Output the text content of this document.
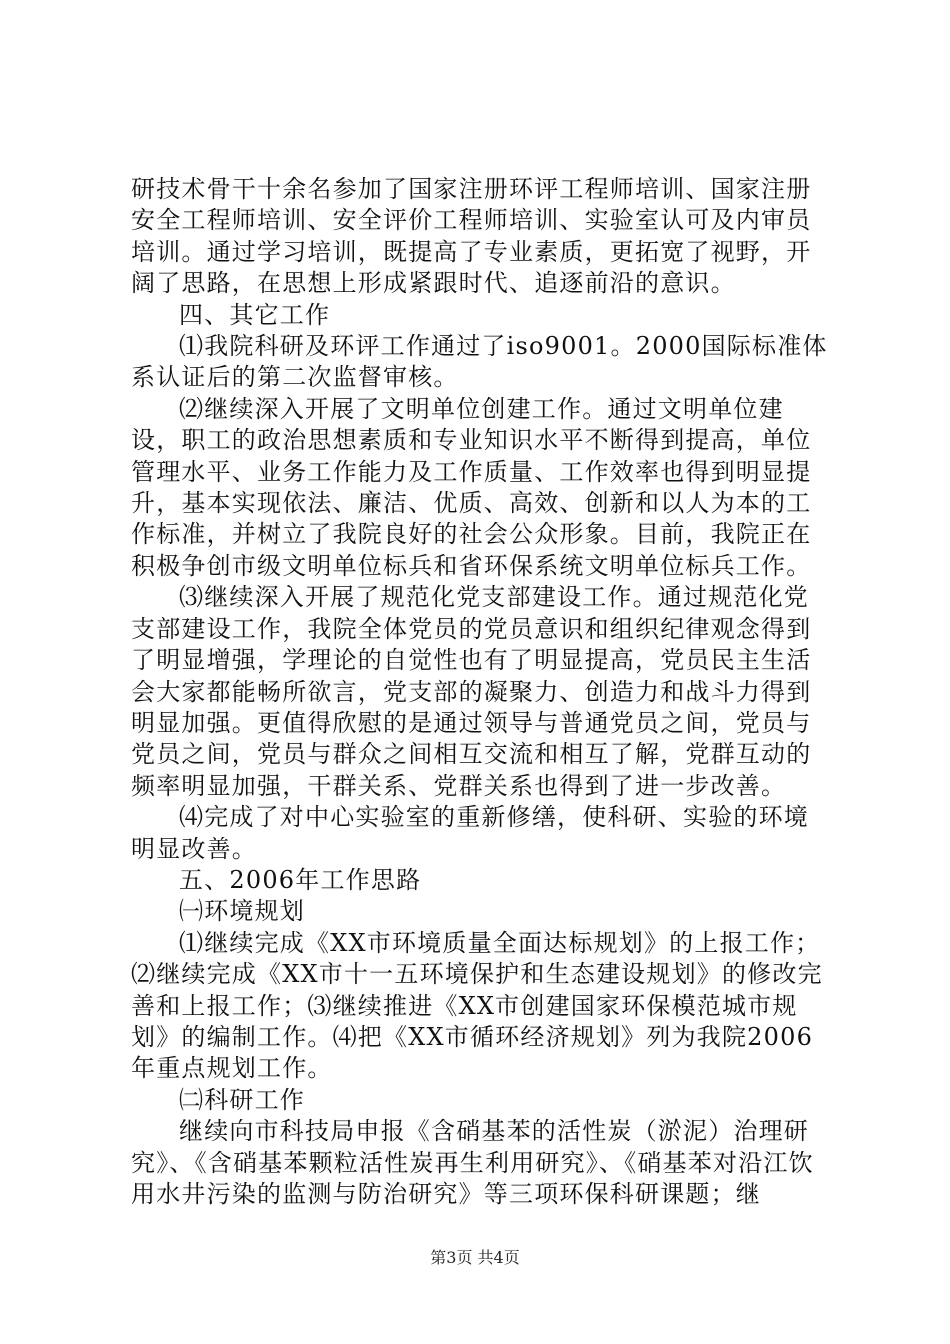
研技术骨干十余名参加了国家注册环评工程师培训、国家注册安全工程师培训、安全评价工程师培训、实验室认可及内审员培训。通过学习培训，既提高了专业素质，更拓宽了视野，开阔了思路，在思想上形成紧跟时代、追逐前沿的意识。

四、其它工作

⑴我院科研及环评工作通过了iso9001。2000国际标准体系认证后的第二次监督审核。

⑵继续深入开展了文明单位创建工作。通过文明单位建设，职工的政治思想素质和专业知识水平不断得到提高，单位管理水平、业务工作能力及工作质量、工作效率也得到明显提升，基本实现依法、廉洁、优质、高效、创新和以人为本的工作标准，并树立了我院良好的社会公众形象。目前，我院正在积极争创市级文明单位标兵和省环保系统文明单位标兵工作。

⑶继续深入开展了规范化党支部建设工作。通过规范化党支部建设工作，我院全体党员的党员意识和组织纪律观念得到了明显增强，学理论的自觉性也有了明显提高，党员民主生活会大家都能畅所欲言，党支部的凝聚力、创造力和战斗力得到明显加强。更值得欣慰的是通过领导与普通党员之间，党员与党员之间，党员与群众之间相互交流和相互了解，党群互动的频率明显加强，干群关系、党群关系也得到了进一步改善。

⑷完成了对中心实验室的重新修缮，使科研、实验的环境明显改善。

五、2006年工作思路

㈠环境规划

⑴继续完成《XX市环境质量全面达标规划》的上报工作；⑵继续完成《XX市十一五环境保护和生态建设规划》的修改完善和上报工作；⑶继续推进《XX市创建国家环保模范城市规划》的编制工作。⑷把《XX市循环经济规划》列为我院2006年重点规划工作。

㈡科研工作

继续向市科技局申报《含硝基苯的活性炭（淤泥）治理研究》、《含硝基苯颗粒活性炭再生利用研究》、《硝基苯对沿江饮用水井污染的监测与防治研究》等三项环保科研课题；继

第3页 共4页
